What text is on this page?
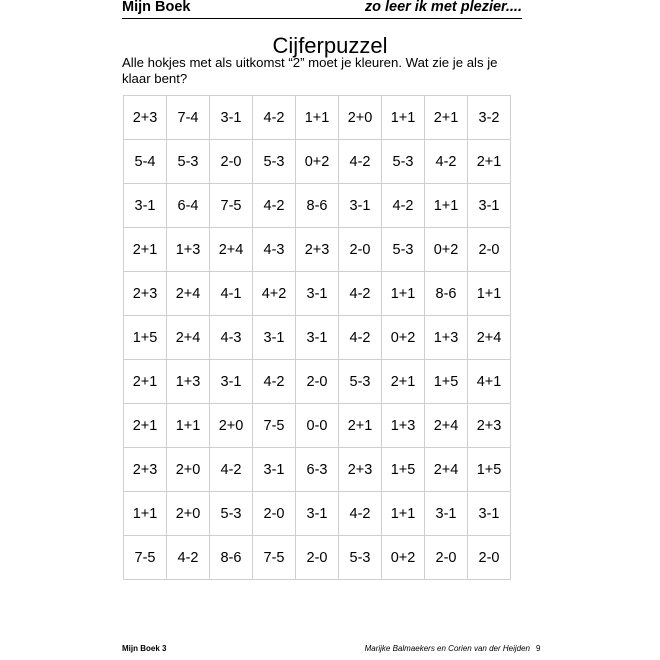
Mijn Boek	zo leer ik met plezier....
Cijferpuzzel
Alle hokjes met als uitkomst “2” moet je kleuren. Wat zie je als je klaar bent?
2+3	7-4	3-1	4-2	1+1	2+0	1+1	2+1	3-2
5-4	5-3	2-0	5-3	0+2	4-2	5-3	4-2	2+1
3-1	6-4	7-5	4-2	8-6	3-1	4-2	1+1	3-1
2+1	1+3	2+4	4-3	2+3	2-0	5-3	0+2	2-0
2+3	2+4	4-1	4+2	3-1	4-2	1+1	8-6	1+1
1+5	2+4	4-3	3-1	3-1	4-2	0+2	1+3	2+4
2+1	1+3	3-1	4-2	2-0	5-3	2+1	1+5	4+1
2+1	1+1	2+0	7-5	0-0	2+1	1+3	2+4	2+3
2+3	2+0	4-2	3-1	6-3	2+3	1+5	2+4	1+5
1+1	2+0	5-3	2-0	3-1	4-2	1+1	3-1	3-1
7-5	4-2	8-6	7-5	2-0	5-3	0+2	2-0	2-0
Mijn Boek 3	Marijke Balmaekers en Corien van der Heijden 9
